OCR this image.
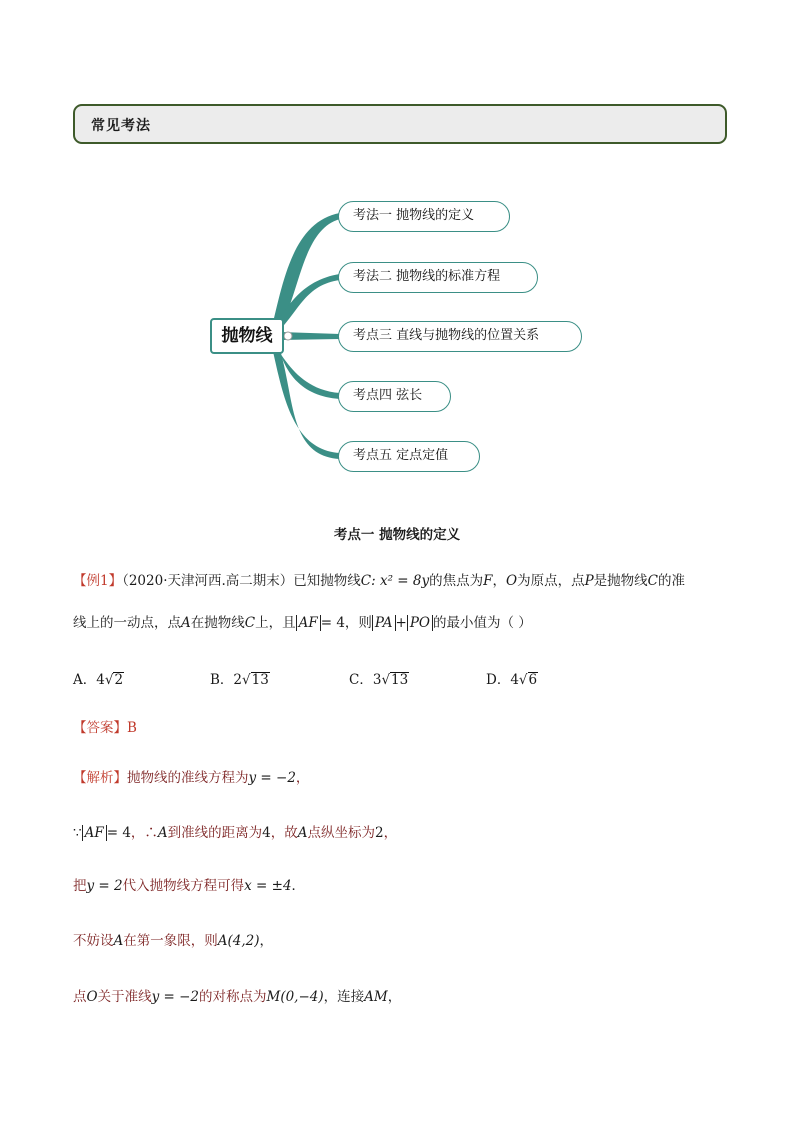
常见考法
抛物线
考法一 抛物线的定义
考法二 抛物线的标准方程
考点三 直线与抛物线的位置关系
考点四 弦长
考点五 定点定值
考点一 抛物线的定义
【例1】（2020·天津河西.高二期末）已知抛物线C: x² = 8y的焦点为F，O为原点，点P是抛物线C的准
线上的一动点，点A在抛物线C上，且 AF = 4，则 PA + PO 的最小值为（ ）
A．4√2	B．2√13	C．3√13	D．4√6
【答案】B
【解析】抛物线的准线方程为y = −2，
∵ AF = 4，∴A到准线的距离为4，故A点纵坐标为2，
把y = 2代入抛物线方程可得x = ±4．
不妨设A在第一象限，则A(4,2)，
点O关于准线y = −2的对称点为M(0,−4)，连接AM，
